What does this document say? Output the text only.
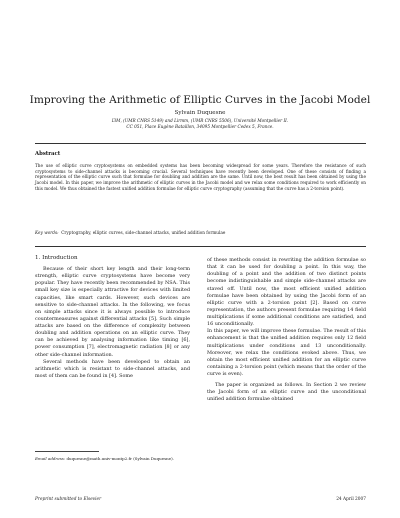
Improving the Arithmetic of Elliptic Curves in the Jacobi Model
Sylvain Duquesne
I3M, (UMR CNRS 5149) and Lirmm, (UMR CNRS 5506), Université Montpellier II.
CC 051, Place Eugène Bataillon, 34095 Montpellier Cedex 5, France.
Abstract
The use of elliptic curve cryptosystems on embedded systems has been becoming widespread for some years. Therefore the resistance of such cryptosystems to side-channel attacks is becoming crucial. Several techniques have recently been developed. One of these consists of finding a representation of the elliptic curve such that formulae for doubling and addition are the same. Until now, the best result has been obtained by using the Jacobi model. In this paper, we improve the arithmetic of elliptic curves in the Jacobi model and we relax some conditions required to work efficiently on this model. We thus obtained the fastest unified addition formulae for elliptic curve cryptography (assuming that the curve has a 2-torsion point).
Key words: Cryptography, elliptic curves, side-channel attacks, unified addition formulae
1. Introduction

Because of their short key length and their long-term strength, elliptic curve cryptosystems have become very popular. They have recently been recommended by NSA. This small key size is especially attractive for devices with limited capacities, like smart cards. However, such devices are sensitive to side-channel attacks. In the following, we focus on simple attacks since it is always possible to introduce countermeasures against differential attacks [5]. Such simple attacks are based on the difference of complexity between doubling and addition operations on an elliptic curve. They can be achieved by analysing information like timing [6], power consumption [7], electromagnetic radiation [8] or any other side-channel information.

Several methods have been developed to obtain an arithmetic which is resistant to side-channel attacks, and most of them can be found in [4]. Some

of these methods consist in rewriting the addition formulae so that it can be used for doubling a point. In this way, the doubling of a point and the addition of two distinct points become indistinguishable and simple side-channel attacks are staved off. Until now, the most efficient unified addition formulae have been obtained by using the Jacobi form of an elliptic curve with a 2-torsion point [2]. Based on curve representation, the authors present formulae requiring 14 field multiplications if some additional conditions are satisfied, and 16 unconditionally.

In this paper, we will improve these formulae. The result of this enhancement is that the unified addition requires only 12 field multiplications under conditions and 13 unconditionally. Moreover, we relax the conditions evoked above. Thus, we obtain the most efficient unified addition for an elliptic curve containing a 2-torsion point (which means that the order of the curve is even).

The paper is organized as follows. In Section 2 we review the Jacobi form of an elliptic curve and the unconditional unified addition formulae obtained

Email address: duquesne@math.univ-montp2.fr (Sylvain Duquesne).
Preprint submitted to Elsevier	24 April 2007
